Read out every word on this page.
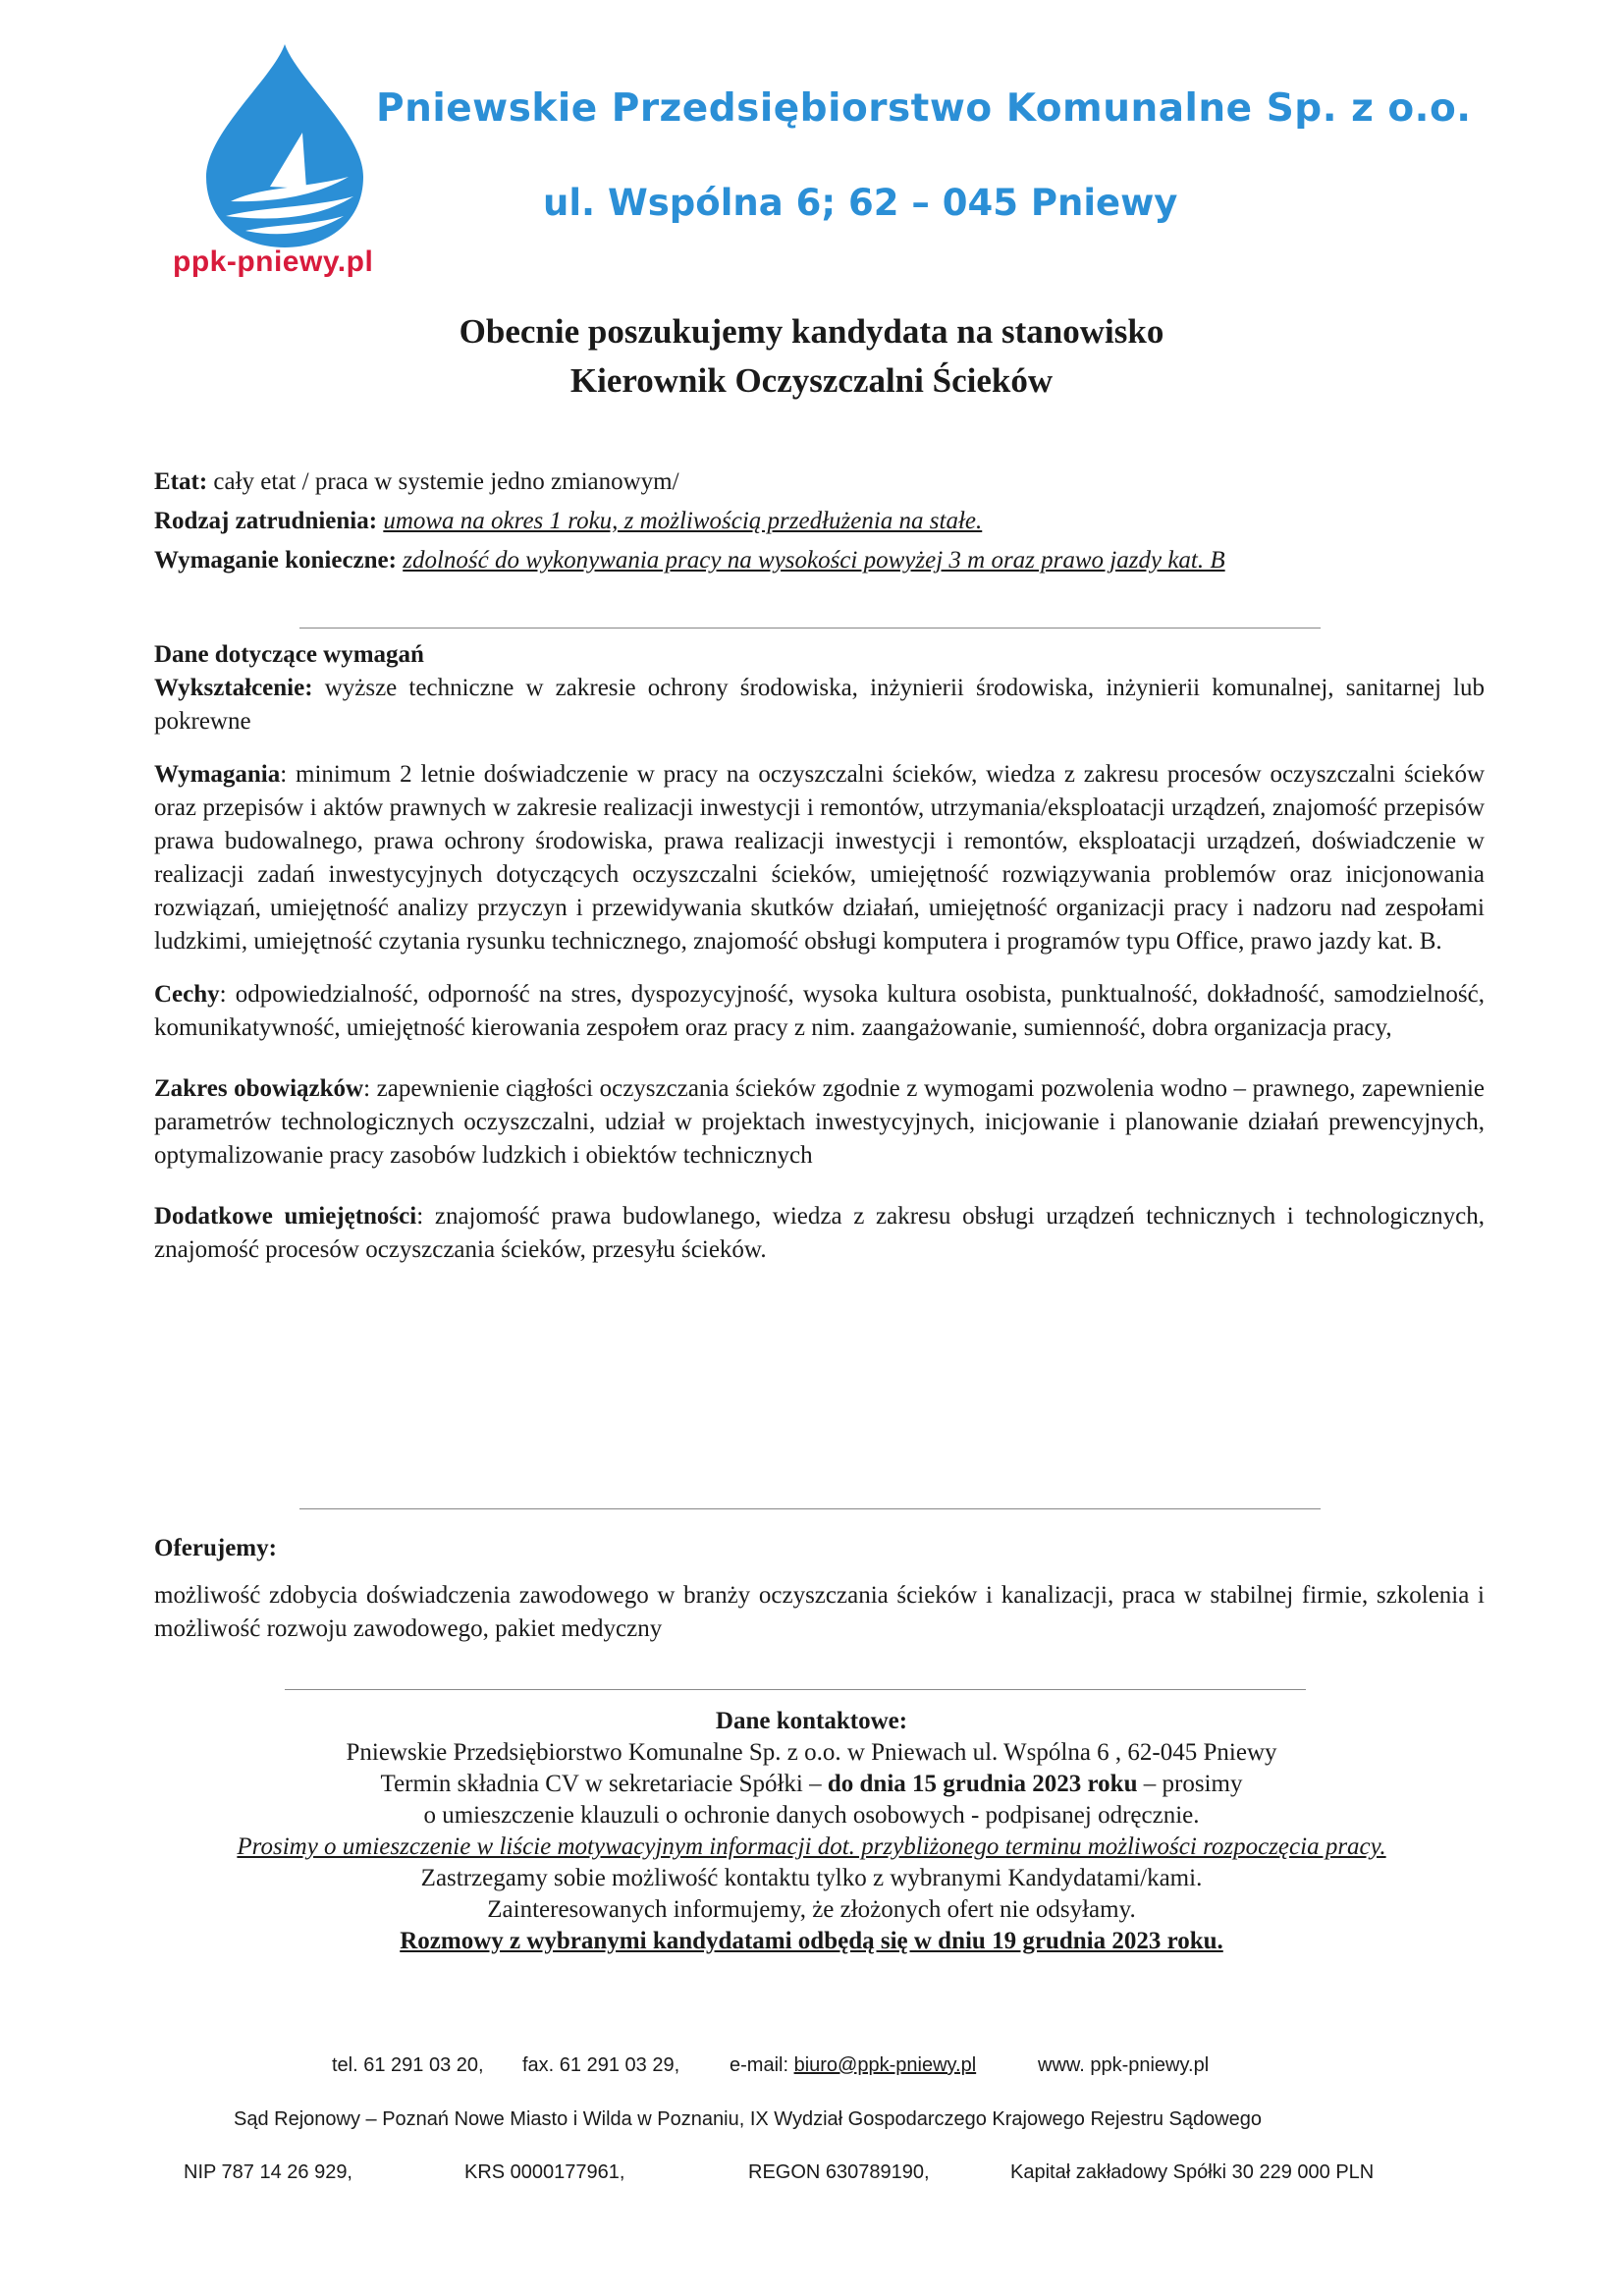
ppk-pniewy.pl
Pniewskie Przedsiębiorstwo Komunalne Sp. z o.o.
ul. Wspólna 6; 62 – 045 Pniewy
Obecnie poszukujemy kandydata na stanowisko
Kierownik Oczyszczalni Ścieków

Etat: cały etat / praca w systemie jedno zmianowym/

Rodzaj zatrudnienia: umowa na okres 1 roku, z możliwością przedłużenia na stałe.

Wymaganie konieczne: zdolność do wykonywania pracy na wysokości powyżej 3 m oraz prawo jazdy kat. B

Dane dotyczące wymagań

Wykształcenie: wyższe techniczne w zakresie ochrony środowiska, inżynierii środowiska, inżynierii komunalnej, sanitarnej lub pokrewne

Wymagania: minimum 2 letnie doświadczenie w pracy na oczyszczalni ścieków, wiedza z zakresu procesów oczyszczalni ścieków oraz przepisów i aktów prawnych w zakresie realizacji inwestycji i remontów, utrzymania/eksploatacji urządzeń, znajomość przepisów prawa budowalnego, prawa ochrony środowiska, prawa realizacji inwestycji i remontów, eksploatacji urządzeń, doświadczenie w realizacji zadań inwestycyjnych dotyczących oczyszczalni ścieków, umiejętność rozwiązywania problemów oraz inicjonowania rozwiązań, umiejętność analizy przyczyn i przewidywania skutków działań, umiejętność organizacji pracy i nadzoru nad zespołami ludzkimi, umiejętność czytania rysunku technicznego, znajomość obsługi komputera i programów typu Office, prawo jazdy kat. B.

Cechy: odpowiedzialność, odporność na stres, dyspozycyjność, wysoka kultura osobista, punktualność, dokładność, samodzielność, komunikatywność, umiejętność kierowania zespołem oraz pracy z nim. zaangażowanie, sumienność, dobra organizacja pracy,

Zakres obowiązków: zapewnienie ciągłości oczyszczania ścieków zgodnie z wymogami pozwolenia wodno – prawnego, zapewnienie parametrów technologicznych oczyszczalni, udział w projektach inwestycyjnych, inicjowanie i planowanie działań prewencyjnych, optymalizowanie pracy zasobów ludzkich i obiektów technicznych

Dodatkowe umiejętności: znajomość prawa budowlanego, wiedza z zakresu obsługi urządzeń technicznych i technologicznych, znajomość procesów oczyszczania ścieków, przesyłu ścieków.

Oferujemy:

możliwość zdobycia doświadczenia zawodowego w branży oczyszczania ścieków i kanalizacji, praca w stabilnej firmie, szkolenia i możliwość rozwoju zawodowego, pakiet medyczny

Dane kontaktowe:

Pniewskie Przedsiębiorstwo Komunalne Sp. z o.o. w Pniewach ul. Wspólna 6 , 62-045 Pniewy

Termin składnia CV w sekretariacie Spółki – do dnia 15 grudnia 2023 roku – prosimy

o umieszczenie klauzuli o ochronie danych osobowych - podpisanej odręcznie.

Prosimy o umieszczenie w liście motywacyjnym informacji dot. przybliżonego terminu możliwości rozpoczęcia pracy.

Zastrzegamy sobie możliwość kontaktu tylko z wybranymi Kandydatami/kami.

Zainteresowanych informujemy, że złożonych ofert nie odsyłamy.

Rozmowy z wybranymi kandydatami odbędą się w dniu 19 grudnia 2023 roku.

tel. 61 291 03 20, fax. 61 291 03 29,	e-mail: biuro@ppk-pniewy.pl	www. ppk-pniewy.pl
Sąd Rejonowy – Poznań Nowe Miasto i Wilda w Poznaniu, IX Wydział Gospodarczego Krajowego Rejestru Sądowego
NIP 787 14 26 929,	KRS 0000177961,	REGON 630789190,	Kapitał zakładowy Spółki 30 229 000 PLN
